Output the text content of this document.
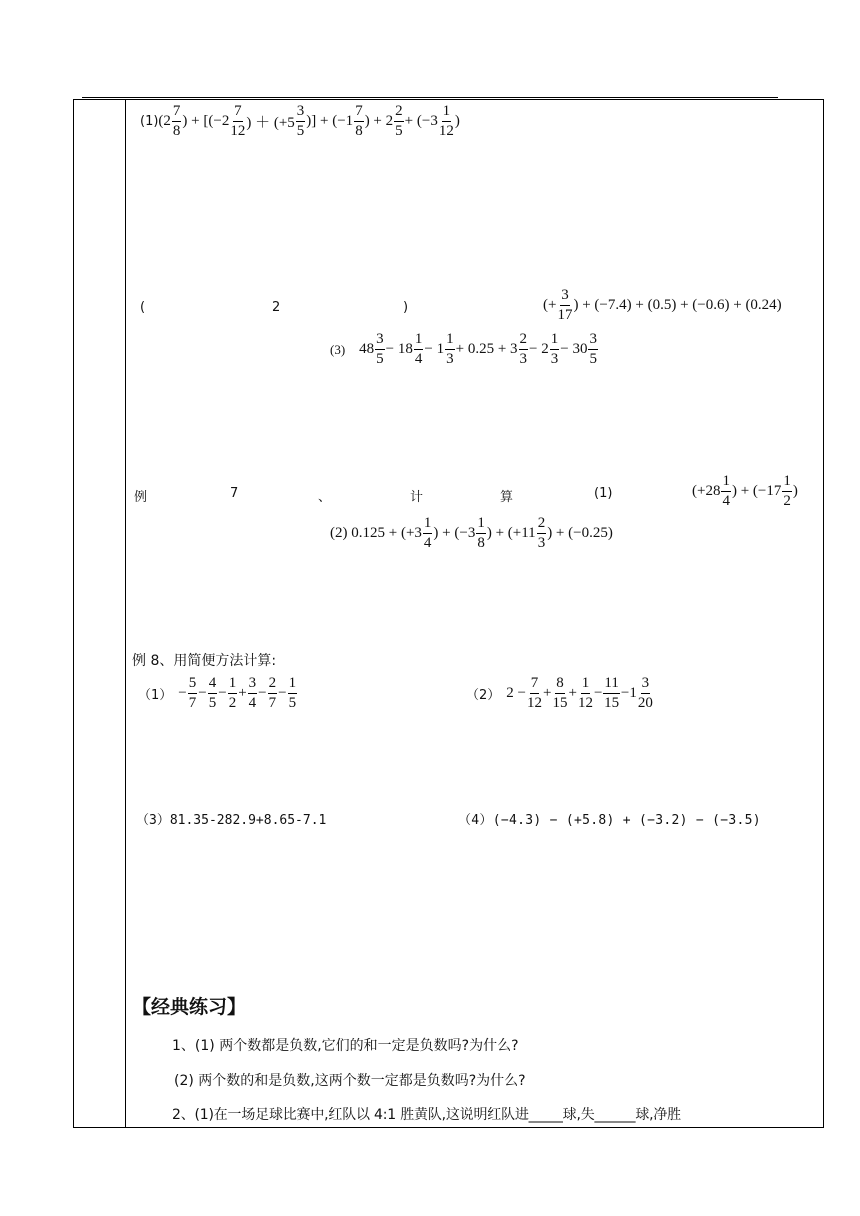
(1) ($2 \frac{7}{8}$ ) + [($-2 \frac{7}{12}$ ) ＋ ($+5 \frac{3}{5}$ )] + ($-1 \frac{7}{8}$ ) + $2 \frac{2}{5} + (-3 \frac{1}{12}$ )
(	2	)	(+ $\frac{3}{17}$ ) + (−7.4) + (0.5) + (−0.6) + (0.24)
(3) $48 \frac{3}{5} - 18 \frac{1}{4} - 1 \frac{1}{3} + 0.25 + 3 \frac{2}{3} - 2 \frac{1}{3} - 30 \frac{3}{5}$
例	7	、	计	算	(1)	($+28 \frac{1}{4}$ ) + ($-17 \frac{1}{2}$ )
(2) $0.125 + (+3 \frac{1}{4}$ ) + ($-3 \frac{1}{8}$ ) + ($+11 \frac{2}{3}$ ) + (−0.25)
例 8、用简便方法计算:
$(1) - \frac{5}{7} - \frac{4}{5} - \frac{1}{2} + \frac{3}{4} - \frac{2}{7} - \frac{1}{5}$	（2） $2 - \frac{7}{12} + \frac{8}{15} + \frac{1}{12} - \frac{11}{15} -1 \frac{3}{20}$
（3）81.35-282.9+8.65-7.1	（4）(−4.3) − (+5.8) + (−3.2) − (−3.5)
【经典练习】
1、(1) 两个数都是负数,它们的和一定是负数吗?为什么?
(2) 两个数的和是负数,这两个数一定都是负数吗?为什么?
2、(1)在一场足球比赛中,红队以 4:1 胜黄队,这说明红队进_____球,失______球,净胜
